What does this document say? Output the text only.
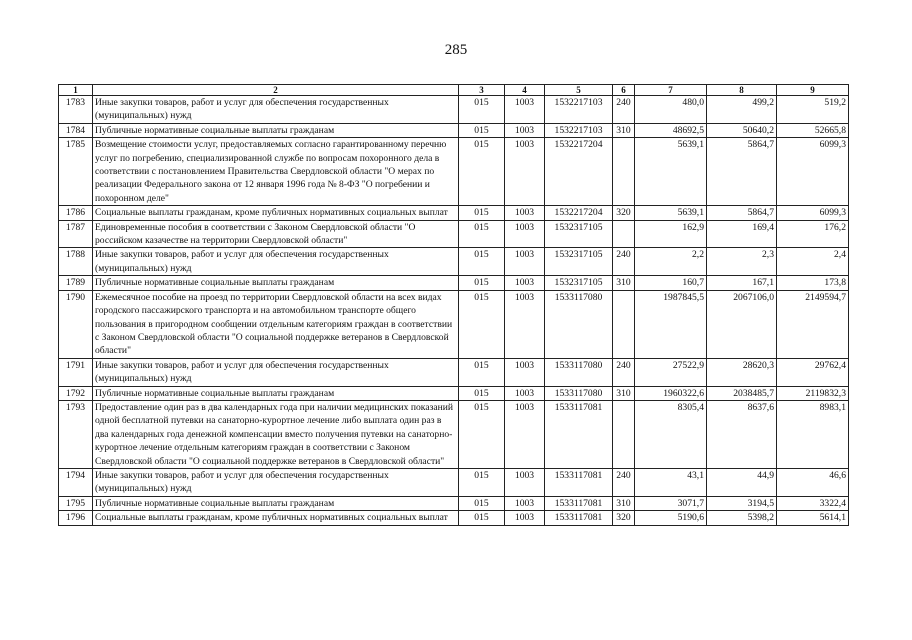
285
1	2	3	4	5	6	7	8	9
1783	Иные закупки товаров, работ и услуг для обеспечения государственных (муниципальных) нужд	015	1003	1532217103	240	480,0	499,2	519,2
1784	Публичные нормативные социальные выплаты гражданам	015	1003	1532217103	310	48692,5	50640,2	52665,8
1785	Возмещение стоимости услуг, предоставляемых согласно гарантированному перечню услуг по погребению, специализированной службе по вопросам похоронного дела в соответствии с постановлением Правительства Свердловской области "О мерах по реализации Федерального закона от 12 января 1996 года № 8-ФЗ "О погребении и похоронном деле"	015	1003	1532217204		5639,1	5864,7	6099,3
1786	Социальные выплаты гражданам, кроме публичных нормативных социальных выплат	015	1003	1532217204	320	5639,1	5864,7	6099,3
1787	Единовременные пособия в соответствии с Законом Свердловской области "О российском казачестве на территории Свердловской области"	015	1003	1532317105		162,9	169,4	176,2
1788	Иные закупки товаров, работ и услуг для обеспечения государственных (муниципальных) нужд	015	1003	1532317105	240	2,2	2,3	2,4
1789	Публичные нормативные социальные выплаты гражданам	015	1003	1532317105	310	160,7	167,1	173,8
1790	Ежемесячное пособие на проезд по территории Свердловской области на всех видах городского пассажирского транспорта и на автомобильном транспорте общего пользования в пригородном сообщении отдельным категориям граждан в соответствии с Законом Свердловской области "О социальной поддержке ветеранов в Свердловской области"	015	1003	1533117080		1987845,5	2067106,0	2149594,7
1791	Иные закупки товаров, работ и услуг для обеспечения государственных (муниципальных) нужд	015	1003	1533117080	240	27522,9	28620,3	29762,4
1792	Публичные нормативные социальные выплаты гражданам	015	1003	1533117080	310	1960322,6	2038485,7	2119832,3
1793	Предоставление один раз в два календарных года при наличии медицинских показаний одной бесплатной путевки на санаторно-курортное лечение либо выплата один раз в два календарных года денежной компенсации вместо получения путевки на санаторно-курортное лечение отдельным категориям граждан в соответствии с Законом Свердловской области "О социальной поддержке ветеранов в Свердловской области"	015	1003	1533117081		8305,4	8637,6	8983,1
1794	Иные закупки товаров, работ и услуг для обеспечения государственных (муниципальных) нужд	015	1003	1533117081	240	43,1	44,9	46,6
1795	Публичные нормативные социальные выплаты гражданам	015	1003	1533117081	310	3071,7	3194,5	3322,4
1796	Социальные выплаты гражданам, кроме публичных нормативных социальных выплат	015	1003	1533117081	320	5190,6	5398,2	5614,1
